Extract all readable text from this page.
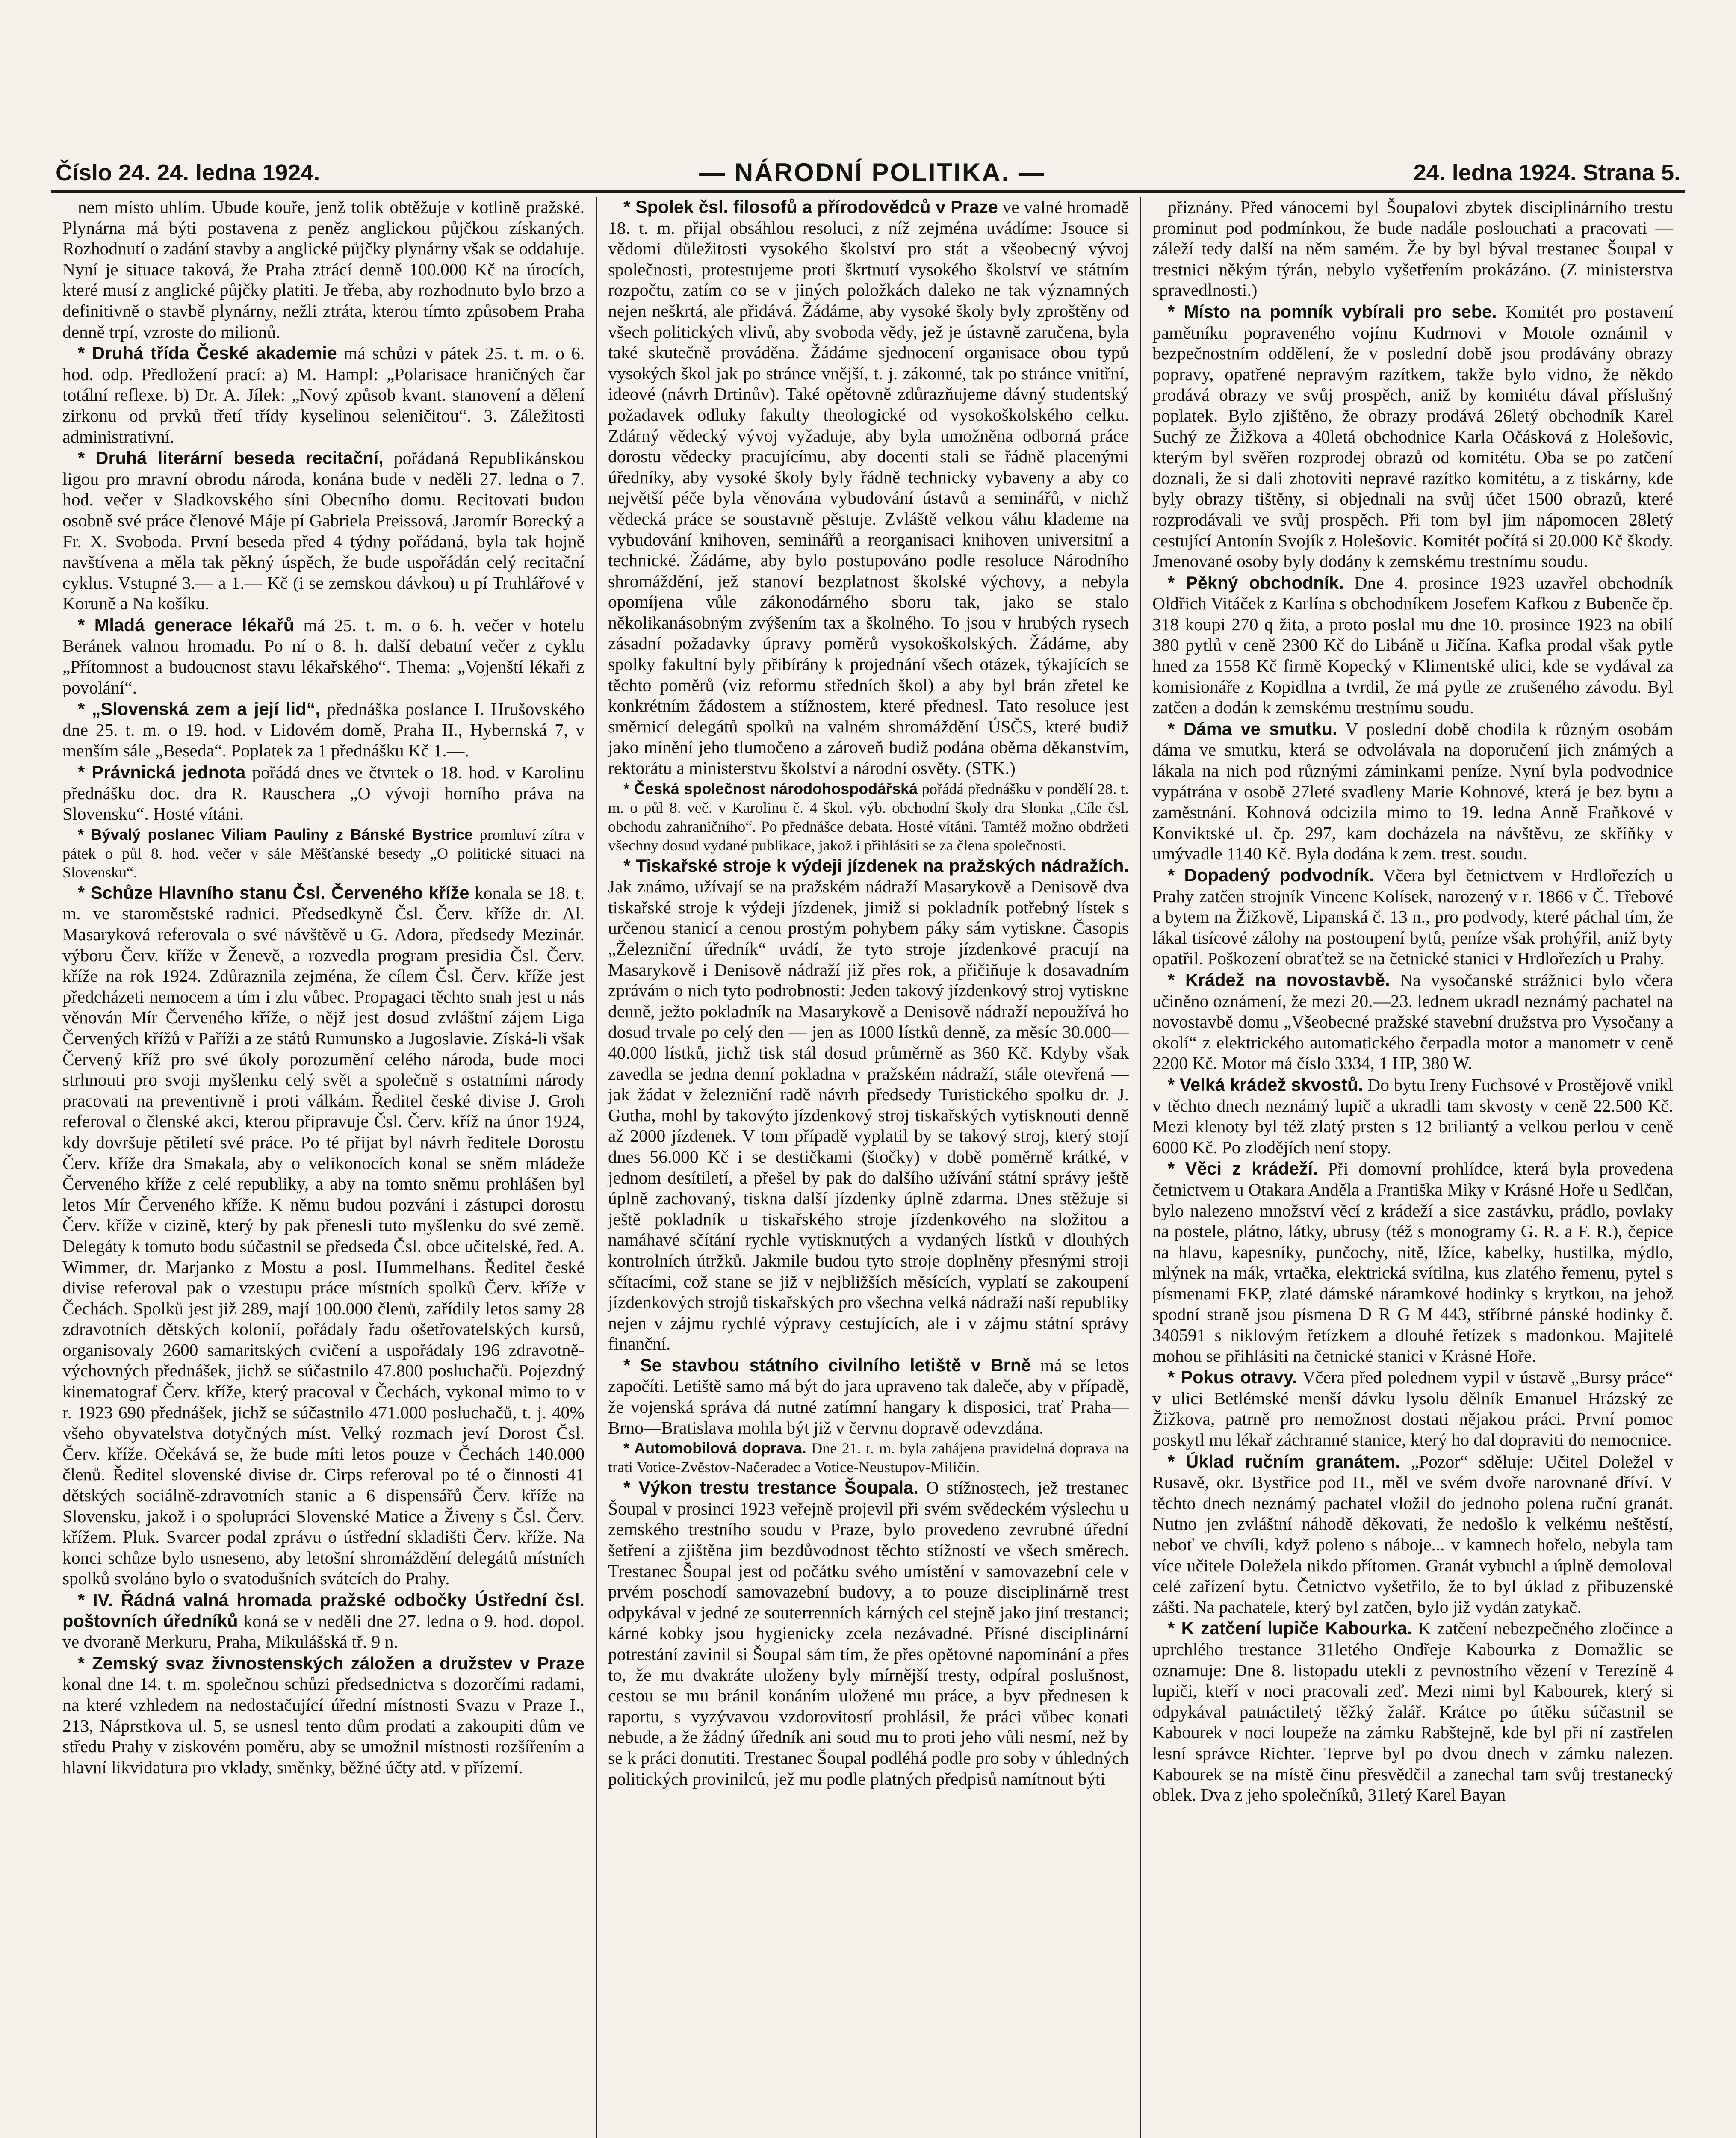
Číslo 24. 24. ledna 1924.	— NÁRODNÍ POLITIKA. —	24. ledna 1924. Strana 5.

nem místo uhlím. Ubude kouře, jenž tolik obtěžuje v kotlině pražské. Plynárna má býti postavena z peněz anglickou půjčkou získaných. Rozhodnutí o zadání stavby a anglické půjčky plynárny však se oddaluje. Nyní je situace taková, že Praha ztrácí denně 100.000 Kč na úrocích, které musí z anglické půjčky platiti. Je třeba, aby rozhodnuto bylo brzo a definitivně o stavbě plynárny, nežli ztráta, kterou tímto způsobem Praha denně trpí, vzroste do milionů.

* Druhá třída České akademie má schůzi v pátek 25. t. m. o 6. hod. odp. Předložení prací: a) M. Hampl: „Polarisace hraničných čar totální reflexe. b) Dr. A. Jílek: „Nový způsob kvant. stanovení a dělení zirkonu od prvků třetí třídy kyselinou seleničitou“. 3. Záležitosti administrativní.

* Druhá literární beseda recitační, pořádaná Republikánskou ligou pro mravní obrodu národa, konána bude v neděli 27. ledna o 7. hod. večer v Sladkovského síni Obecního domu. Recitovati budou osobně své práce členové Máje pí Gabriela Preissová, Jaromír Borecký a Fr. X. Svoboda. První beseda před 4 týdny pořádaná, byla tak hojně navštívena a měla tak pěkný úspěch, že bude uspořádán celý recitační cyklus. Vstupné 3.— a 1.— Kč (i se zemskou dávkou) u pí Truhlářové v Koruně a Na košíku.

* Mladá generace lékařů má 25. t. m. o 6. h. večer v hotelu Beránek valnou hromadu. Po ní o 8. h. další debatní večer z cyklu „Přítomnost a budoucnost stavu lékařského“. Thema: „Vojenští lékaři z povolání“.

* „Slovenská zem a její lid“, přednáška poslance I. Hrušovského dne 25. t. m. o 19. hod. v Lidovém domě, Praha II., Hybernská 7, v menším sále „Beseda“. Poplatek za 1 přednášku Kč 1.—.

* Právnická jednota pořádá dnes ve čtvrtek o 18. hod. v Karolinu přednášku doc. dra R. Rauschera „O vývoji horního práva na Slovensku“. Hosté vítáni.

* Bývalý poslanec Viliam Pauliny z Bánské Bystrice promluví zítra v pátek o půl 8. hod. večer v sále Měšťanské besedy „O politické situaci na Slovensku“.

* Schůze Hlavního stanu Čsl. Červeného kříže konala se 18. t. m. ve staroměstské radnici. Předsedkyně Čsl. Červ. kříže dr. Al. Masaryková referovala o své návštěvě u G. Adora, předsedy Mezinár. výboru Červ. kříže v Ženevě, a rozvedla program presidia Čsl. Červ. kříže na rok 1924. Zdůraznila zejména, že cílem Čsl. Červ. kříže jest předcházeti nemocem a tím i zlu vůbec. Propagaci těchto snah jest u nás věnován Mír Červeného kříže, o nějž jest dosud zvláštní zájem Liga Červených křížů v Paříži a ze států Rumunsko a Jugoslavie. Získá-li však Červený kříž pro své úkoly porozumění celého národa, bude moci strhnouti pro svoji myšlenku celý svět a společně s ostatními národy pracovati na preventivně i proti válkám. Ředitel české divise J. Groh referoval o členské akci, kterou připravuje Čsl. Červ. kříž na únor 1924, kdy dovršuje pětiletí své práce. Po té přijat byl návrh ředitele Dorostu Červ. kříže dra Smakala, aby o velikonocích konal se sněm mládeže Červeného kříže z celé republiky, a aby na tomto sněmu prohlášen byl letos Mír Červeného kříže. K němu budou pozváni i zástupci dorostu Červ. kříže v cizině, který by pak přenesli tuto myšlenku do své země. Delegáty k tomuto bodu súčastnil se předseda Čsl. obce učitelské, řed. A. Wimmer, dr. Marjanko z Mostu a posl. Hummelhans. Ředitel české divise referoval pak o vzestupu práce místních spolků Červ. kříže v Čechách. Spolků jest již 289, mají 100.000 členů, zařídily letos samy 28 zdravotních dětských kolonií, pořádaly řadu ošetřovatelských kursů, organisovaly 2600 samaritských cvičení a uspořádaly 196 zdravotně-výchovných přednášek, jichž se súčastnilo 47.800 posluchačů. Pojezdný kinematograf Červ. kříže, který pracoval v Čechách, vykonal mimo to v r. 1923 690 přednášek, jichž se súčastnilo 471.000 posluchačů, t. j. 40% všeho obyvatelstva dotyčných míst. Velký rozmach jeví Dorost Čsl. Červ. kříže. Očekává se, že bude míti letos pouze v Čechách 140.000 členů. Ředitel slovenské divise dr. Cirps referoval po té o činnosti 41 dětských sociálně-zdravotních stanic a 6 dispensářů Červ. kříže na Slovensku, jakož i o spolupráci Slovenské Matice a Živeny s Čsl. Červ. křížem. Pluk. Svarcer podal zprávu o ústřední skladišti Červ. kříže. Na konci schůze bylo usneseno, aby letošní shromáždění delegátů místních spolků svoláno bylo o svatodušních svátcích do Prahy.

* IV. Řádná valná hromada pražské odbočky Ústřední čsl. poštovních úředníků koná se v neděli dne 27. ledna o 9. hod. dopol. ve dvoraně Merkuru, Praha, Mikulášská tř. 9 n.

* Zemský svaz živnostenských záložen a družstev v Praze konal dne 14. t. m. společnou schůzi předsednictva s dozorčími radami, na které vzhledem na nedostačující úřední místnosti Svazu v Praze I., 213, Náprstkova ul. 5, se usnesl tento dům prodati a zakoupiti dům ve středu Prahy v ziskovém poměru, aby se umožnil místnosti rozšířením a hlavní likvidatura pro vklady, směnky, běžné účty atd. v přízemí.

* Spolek čsl. filosofů a přírodovědců v Praze ve valné hromadě 18. t. m. přijal obsáhlou resoluci, z níž zejména uvádíme: Jsouce si vědomi důležitosti vysokého školství pro stát a všeobecný vývoj společnosti, protestujeme proti škrtnutí vysokého školství ve státním rozpočtu, zatím co se v jiných položkách daleko ne tak významných nejen neškrtá, ale přidává. Žádáme, aby vysoké školy byly zproštěny od všech politických vlivů, aby svoboda vědy, jež je ústavně zaručena, byla také skutečně prováděna. Žádáme sjednocení organisace obou typů vysokých škol jak po stránce vnější, t. j. zákonné, tak po stránce vnitřní, ideové (návrh Drtinův). Také opětovně zdůrazňujeme dávný studentský požadavek odluky fakulty theologické od vysokoškolského celku. Zdárný vědecký vývoj vyžaduje, aby byla umožněna odborná práce dorostu vědecky pracujícímu, aby docenti stali se řádně placenými úředníky, aby vysoké školy byly řádně technicky vybaveny a aby co největší péče byla věnována vybudování ústavů a seminářů, v nichž vědecká práce se soustavně pěstuje. Zvláště velkou váhu klademe na vybudování knihoven, seminářů a reorganisaci knihoven universitní a technické. Žádáme, aby bylo postupováno podle resoluce Národního shromáždění, jež stanoví bezplatnost školské výchovy, a nebyla opomíjena vůle zákonodárného sboru tak, jako se stalo několikanásobným zvýšením tax a školného. To jsou v hrubých rysech zásadní požadavky úpravy poměrů vysokoškolských. Žádáme, aby spolky fakultní byly přibírány k projednání všech otázek, týkajících se těchto poměrů (viz reformu středních škol) a aby byl brán zřetel ke konkrétním žádostem a stížnostem, které přednesl. Tato resoluce jest směrnicí delegátů spolků na valném shromáždění ÚSČS, které budiž jako mínění jeho tlumočeno a zároveň budiž podána oběma děkanstvím, rektorátu a ministerstvu školství a národní osvěty. (STK.)

* Česká společnost národohospodářská pořádá přednášku v pondělí 28. t. m. o půl 8. več. v Karolinu č. 4 škol. výb. obchodní školy dra Slonka „Cíle čsl. obchodu zahraničního“. Po přednášce debata. Hosté vítáni. Tamtéž možno obdržeti všechny dosud vydané publikace, jakož i přihlásiti se za člena společnosti.

* Tiskařské stroje k výdeji jízdenek na pražských nádražích. Jak známo, užívají se na pražském nádraží Masarykově a Denisově dva tiskařské stroje k výdeji jízdenek, jimiž si pokladník potřebný lístek s určenou stanicí a cenou prostým pohybem páky sám vytiskne. Časopis „Železniční úředník“ uvádí, že tyto stroje jízdenkové pracují na Masarykově i Denisově nádraží již přes rok, a přičiňuje k dosavadním zprávám o nich tyto podrobnosti: Jeden takový jízdenkový stroj vytiskne denně, ježto pokladník na Masarykově a Denisově nádraží nepoužívá ho dosud trvale po celý den — jen as 1000 lístků denně, za měsíc 30.000—40.000 lístků, jichž tisk stál dosud průměrně as 360 Kč. Kdyby však zavedla se jedna denní pokladna v pražském nádraží, stále otevřená — jak žádat v železniční radě návrh předsedy Turistického spolku dr. J. Gutha, mohl by takovýto jízdenkový stroj tiskařských vytisknouti denně až 2000 jízdenek. V tom případě vyplatil by se takový stroj, který stojí dnes 56.000 Kč i se destičkami (štočky) v době poměrně krátké, v jednom desítiletí, a přešel by pak do dalšího užívání státní správy ještě úplně zachovaný, tiskna další jízdenky úplně zdarma. Dnes stěžuje si ještě pokladník u tiskařského stroje jízdenkového na složitou a namáhavé sčítání rychle vytisknutých a vydaných lístků v dlouhých kontrolních útržků. Jakmile budou tyto stroje doplněny přesnými stroji sčítacími, což stane se již v nejbližších měsících, vyplatí se zakoupení jízdenkových strojů tiskařských pro všechna velká nádraží naší republiky nejen v zájmu rychlé výpravy cestujících, ale i v zájmu státní správy finanční.

* Se stavbou státního civilního letiště v Brně má se letos započíti. Letiště samo má být do jara upraveno tak daleče, aby v případě, že vojenská správa dá nutné zatímní hangary k disposici, trať Praha—Brno—Bratislava mohla být již v červnu dopravě odevzdána.

* Automobilová doprava. Dne 21. t. m. byla zahájena pravidelná doprava na trati Votice-Zvěstov-Načeradec a Votice-Neustupov-Miličín.

* Výkon trestu trestance Šoupala. O stížnostech, jež trestanec Šoupal v prosinci 1923 veřejně projevil při svém svědeckém výslechu u zemského trestního soudu v Praze, bylo provedeno zevrubné úřední šetření a zjištěna jim bezdůvodnost těchto stížností ve všech směrech. Trestanec Šoupal jest od počátku svého umístění v samovazební cele v prvém poschodí samovazební budovy, a to pouze disciplinárně trest odpykával v jedné ze souterrenních kárných cel stejně jako jiní trestanci; kárné kobky jsou hygienicky zcela nezávadné. Přísné disciplinární potrestání zavinil si Šoupal sám tím, že přes opětovné napomínání a přes to, že mu dvakráte uloženy byly mírnější tresty, odpíral poslušnost, cestou se mu bránil konáním uložené mu práce, a byv přednesen k raportu, s vyzývavou vzdorovitostí prohlásil, že práci vůbec konati nebude, a že žádný úředník ani soud mu to proti jeho vůli nesmí, než by se k práci donutiti. Trestanec Šoupal podléhá podle pro soby v úhledných politických provinilců, jež mu podle platných předpisů namítnout býti

přiznány. Před vánocemi byl Šoupalovi zbytek disciplinárního trestu prominut pod podmínkou, že bude nadále poslouchati a pracovati — záleží tedy další na něm samém. Že by byl býval trestanec Šoupal v trestnici někým týrán, nebylo vyšetřením prokázáno. (Z ministerstva spravedlnosti.)

* Místo na pomník vybírali pro sebe. Komitét pro postavení pamětníku popraveného vojínu Kudrnovi v Motole oznámil v bezpečnostním oddělení, že v poslední době jsou prodávány obrazy popravy, opatřené nepravým razítkem, takže bylo vidno, že někdo prodává obrazy ve svůj prospěch, aniž by komitétu dával příslušný poplatek. Bylo zjištěno, že obrazy prodává 26letý obchodník Karel Suchý ze Žižkova a 40letá obchodnice Karla Očásková z Holešovic, kterým byl svěřen rozprodej obrazů od komitétu. Oba se po zatčení doznali, že si dali zhotoviti nepravé razítko komitétu, a z tiskárny, kde byly obrazy tištěny, si objednali na svůj účet 1500 obrazů, které rozprodávali ve svůj prospěch. Při tom byl jim nápomocen 28letý cestující Antonín Svojík z Holešovic. Komitét počítá si 20.000 Kč škody. Jmenované osoby byly dodány k zemskému trestnímu soudu.

* Pěkný obchodník. Dne 4. prosince 1923 uzavřel obchodník Oldřich Vitáček z Karlína s obchodníkem Josefem Kafkou z Bubenče čp. 318 koupi 270 q žita, a proto poslal mu dne 10. prosince 1923 na obilí 380 pytlů v ceně 2300 Kč do Libáně u Jičína. Kafka prodal však pytle hned za 1558 Kč firmě Kopecký v Klimentské ulici, kde se vydával za komisionáře z Kopidlna a tvrdil, že má pytle ze zrušeného závodu. Byl zatčen a dodán k zemskému trestnímu soudu.

* Dáma ve smutku. V poslední době chodila k různým osobám dáma ve smutku, která se odvolávala na doporučení jich známých a lákala na nich pod různými záminkami peníze. Nyní byla podvodnice vypátrána v osobě 27leté svadleny Marie Kohnové, která je bez bytu a zaměstnání. Kohnová odcizila mimo to 19. ledna Anně Fraňkové v Konviktské ul. čp. 297, kam docházela na návštěvu, ze skříňky v umývadle 1140 Kč. Byla dodána k zem. trest. soudu.

* Dopadený podvodník. Včera byl četnictvem v Hrdlořezích u Prahy zatčen strojník Vincenc Kolísek, narozený v r. 1866 v Č. Třebové a bytem na Žižkově, Lipanská č. 13 n., pro podvody, které páchal tím, že lákal tisícové zálohy na postoupení bytů, peníze však prohýřil, aniž byty opatřil. Poškození obraťtež se na četnické stanici v Hrdlořezích u Prahy.

* Krádež na novostavbě. Na vysočanské strážnici bylo včera učiněno oznámení, že mezi 20.—23. lednem ukradl neznámý pachatel na novostavbě domu „Všeobecné pražské stavební družstva pro Vysočany a okolí“ z elektrického automatického čerpadla motor a manometr v ceně 2200 Kč. Motor má číslo 3334, 1 HP, 380 W.

* Velká krádež skvostů. Do bytu Ireny Fuchsové v Prostějově vnikl v těchto dnech neznámý lupič a ukradli tam skvosty v ceně 22.500 Kč. Mezi klenoty byl též zlatý prsten s 12 briliantý a velkou perlou v ceně 6000 Kč. Po zlodějích není stopy.

* Věci z krádeží. Při domovní prohlídce, která byla provedena četnictvem u Otakara Anděla a Františka Miky v Krásné Hoře u Sedlčan, bylo nalezeno množství věcí z krádeží a sice zastávku, prádlo, povlaky na postele, plátno, látky, ubrusy (též s monogramy G. R. a F. R.), čepice na hlavu, kapesníky, punčochy, nitě, lžíce, kabelky, hustilka, mýdlo, mlýnek na mák, vrtačka, elektrická svítilna, kus zlatého řemenu, pytel s písmenami FKP, zlaté dámské náramkové hodinky s krytkou, na jehož spodní straně jsou písmena D R G M 443, stříbrné pánské hodinky č. 340591 s niklovým řetízkem a dlouhé řetízek s madonkou. Majitelé mohou se přihlásiti na četnické stanici v Krásné Hoře.

* Pokus otravy. Včera před polednem vypil v ústavě „Bursy práce“ v ulici Betlémské menší dávku lysolu dělník Emanuel Hrázský ze Žižkova, patrně pro nemožnost dostati nějakou práci. První pomoc poskytl mu lékař záchranné stanice, který ho dal dopraviti do nemocnice.

* Úklad ručním granátem. „Pozor“ sděluje: Učitel Doležel v Rusavě, okr. Bystřice pod H., měl ve svém dvoře narovnané dříví. V těchto dnech neznámý pachatel vložil do jednoho polena ruční granát. Nutno jen zvláštní náhodě děkovati, že nedošlo k velkému neštěstí, neboť ve chvíli, když poleno s náboje... v kamnech hořelo, nebyla tam více učitele Doležela nikdo přítomen. Granát vybuchl a úplně demoloval celé zařízení bytu. Četnictvo vyšetřilo, že to byl úklad z přibuzenské zášti. Na pachatele, který byl zatčen, bylo již vydán zatykač.

* K zatčení lupiče Kabourka. K zatčení nebezpečného zločince a uprchlého trestance 31letého Ondřeje Kabourka z Domažlic se oznamuje: Dne 8. listopadu utekli z pevnostního vězení v Terezíně 4 lupiči, kteří v noci pracovali zeď. Mezi nimi byl Kabourek, který si odpykával patnáctiletý těžký žalář. Krátce po útěku súčastnil se Kabourek v noci loupeže na zámku Rabštejně, kde byl při ní zastřelen lesní správce Richter. Teprve byl po dvou dnech v zámku nalezen. Kabourek se na místě činu přesvědčil a zanechal tam svůj trestanecký oblek. Dva z jeho společníků, 31letý Karel Bayan
